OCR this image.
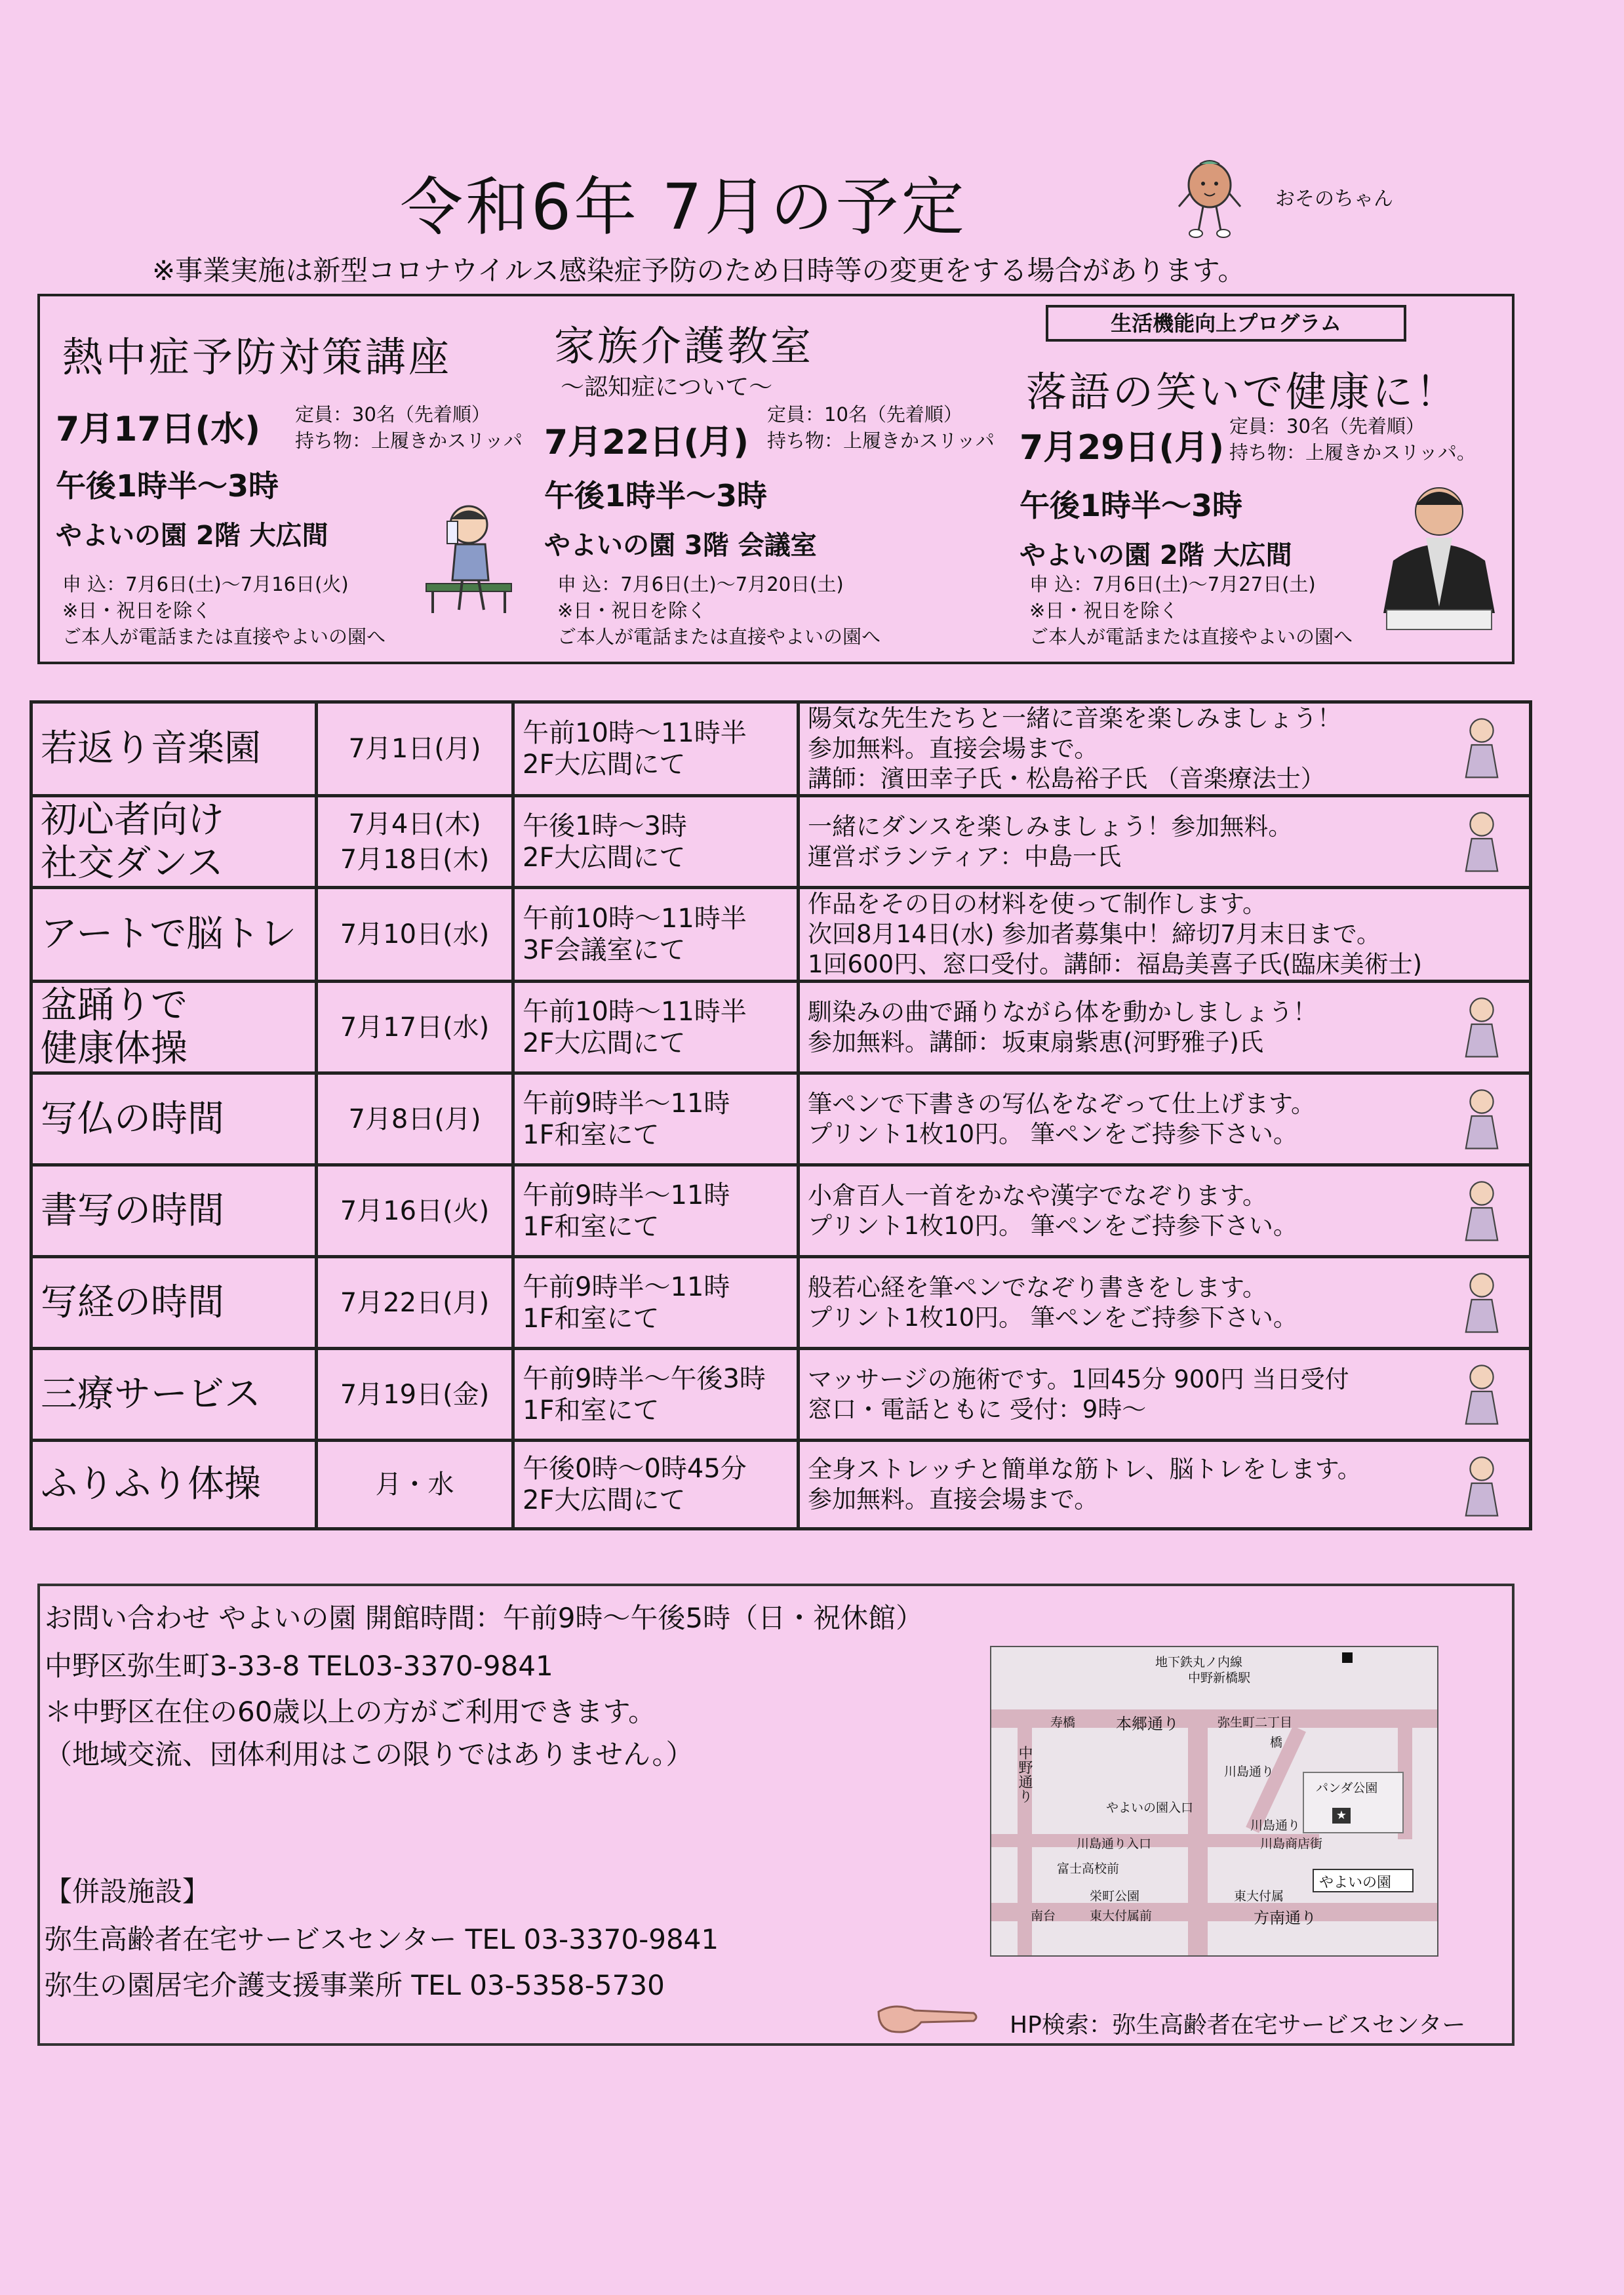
令和6年 7月の予定	おそのちゃん
※事業実施は新型コロナウイルス感染症予防のため日時等の変更をする場合があります。
熱中症予防対策講座
7月17日(水) 定員：30名（先着順）
持ち物：上履きかスリッパ
午後1時半～3時
やよいの園 2階 大広間
申 込：7月6日(土)～7月16日(火)
※日・祝日を除く
ご本人が電話または直接やよいの園へ
家族介護教室
～認知症について～
7月22日(月)
定員：10名（先着順）
持ち物：上履きかスリッパ
午後1時半～3時
やよいの園 3階 会議室
申 込：7月6日(土)～7月20日(土)
※日・祝日を除く
ご本人が電話または直接やよいの園へ
生活機能向上プログラム
落語の笑いで健康に！
7月29日(月)
定員：30名（先着順）
持ち物：上履きかスリッパ。
午後1時半～3時
やよいの園 2階 大広間
申 込：7月6日(土)～7月27日(土)
※日・祝日を除く
ご本人が電話または直接やよいの園へ
若返り音楽園	7月1日(月)	午前10時～11時半
2F大広間にて	陽気な先生たちと一緒に音楽を楽しみましょう！
参加無料。直接会場まで。
講師：濱田幸子氏・松島裕子氏 （音楽療法士）

初心者向け
社交ダンス	7月4日(木)
7月18日(木)	午後1時～3時
2F大広間にて	一緒にダンスを楽しみましょう！参加無料。
運営ボランティア：中島一氏

アートで脳トレ	7月10日(水)	午前10時～11時半
3F会議室にて	作品をその日の材料を使って制作します。
次回8月14日(水) 参加者募集中！締切7月末日まで。
1回600円、窓口受付。講師：福島美喜子氏(臨床美術士)

盆踊りで
健康体操	7月17日(水)	午前10時～11時半
2F大広間にて	馴染みの曲で踊りながら体を動かしましょう！
参加無料。講師：坂東扇紫恵(河野雅子)氏

写仏の時間	7月8日(月)	午前9時半～11時
1F和室にて	筆ペンで下書きの写仏をなぞって仕上げます。
プリント1枚10円。 筆ペンをご持参下さい。

書写の時間	7月16日(火)	午前9時半～11時
1F和室にて	小倉百人一首をかなや漢字でなぞります。
プリント1枚10円。 筆ペンをご持参下さい。

写経の時間	7月22日(月)	午前9時半～11時
1F和室にて	般若心経を筆ペンでなぞり書きをします。
プリント1枚10円。 筆ペンをご持参下さい。

三療サービス	7月19日(金)	午前9時半～午後3時
1F和室にて	マッサージの施術です。1回45分 900円 当日受付
窓口・電話ともに 受付：9時～

ふりふり体操	月・水	午後0時～0時45分
2F大広間にて	全身ストレッチと簡単な筋トレ、脳トレをします。
参加無料。直接会場まで。
お問い合わせ やよいの園 開館時間：午前9時～午後5時（日・祝休館）
中野区弥生町3-33-8 TEL03-3370-9841
＊中野区在住の60歳以上の方がご利用できます。
（地域交流、団体利用はこの限りではありません。）
【併設施設】
弥生高齢者在宅サービスセンター TEL 03-3370-9841
弥生の園居宅介護支援事業所 TEL 03-5358-5730
★
地下鉄丸ノ内線
中野新橋駅
寿橋	本郷通り	弥生町二丁目
中野通り
橋
川島通り
パンダ公園
やよいの園入口
川島通り
川島通り入口	川島商店街
富士高校前
やよいの園
栄町公園	東大付属
南台	東大付属前	方南通り
HP検索：弥生高齢者在宅サービスセンター
